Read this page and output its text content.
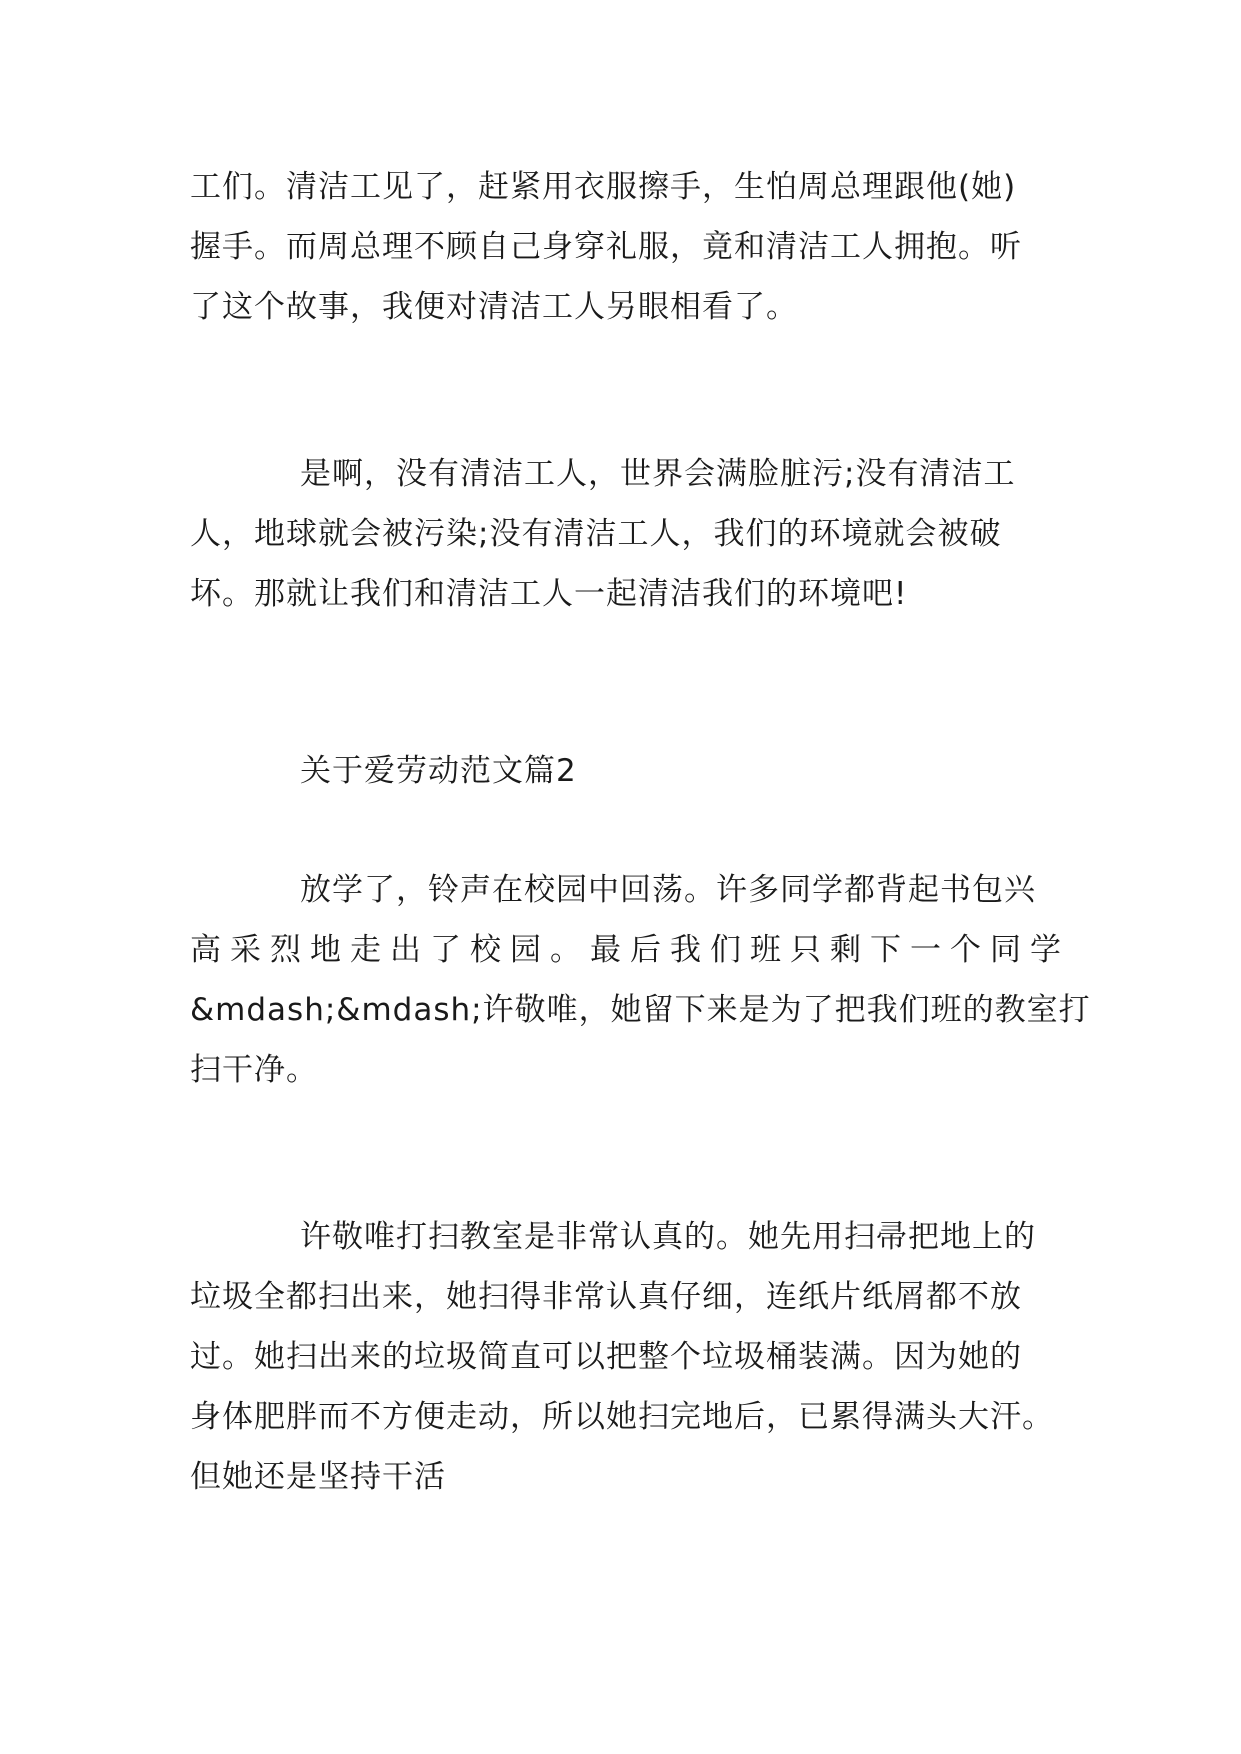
工们。清洁工见了，赶紧用衣服擦手，生怕周总理跟他(她)
握手。而周总理不顾自己身穿礼服，竟和清洁工人拥抱。听
了这个故事，我便对清洁工人另眼相看了。
是啊，没有清洁工人，世界会满脸脏污;没有清洁工
人，地球就会被污染;没有清洁工人，我们的环境就会被破
坏。那就让我们和清洁工人一起清洁我们的环境吧!
关于爱劳动范文篇2
放学了，铃声在校园中回荡。许多同学都背起书包兴
高采烈地走出了校园。最后我们班只剩下一个同学
&mdash;&mdash;许敬唯，她留下来是为了把我们班的教室打
扫干净。
许敬唯打扫教室是非常认真的。她先用扫帚把地上的
垃圾全都扫出来，她扫得非常认真仔细，连纸片纸屑都不放
过。她扫出来的垃圾简直可以把整个垃圾桶装满。因为她的
身体肥胖而不方便走动，所以她扫完地后，已累得满头大汗。
但她还是坚持干活
